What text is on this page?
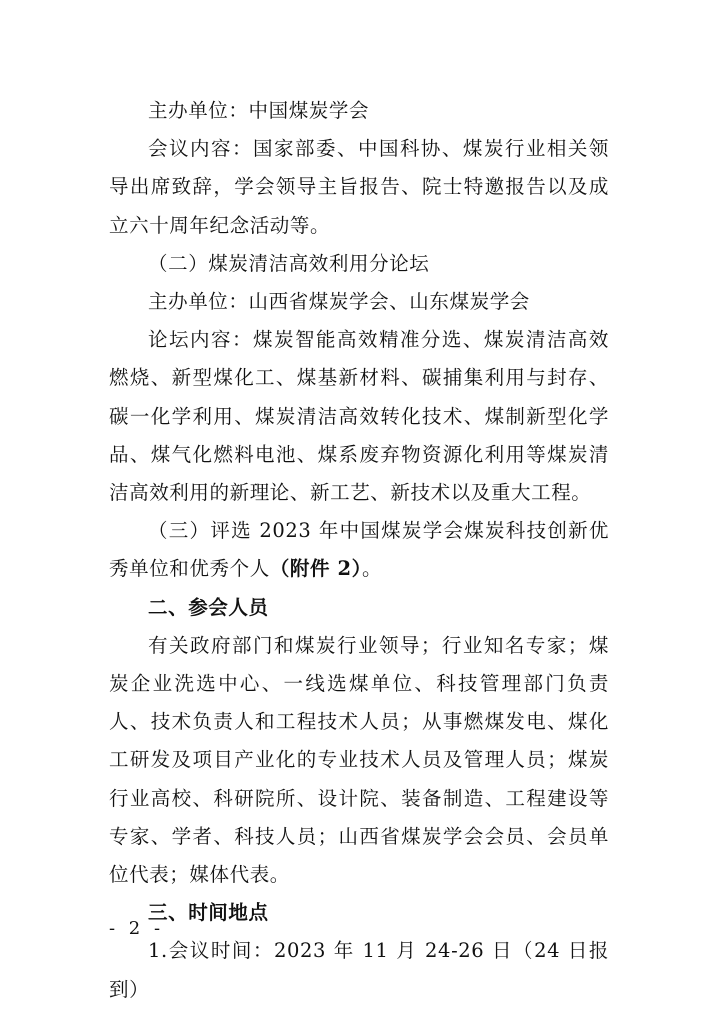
主办单位：中国煤炭学会

会议内容：国家部委、中国科协、煤炭行业相关领导出席致辞，学会领导主旨报告、院士特邀报告以及成立六十周年纪念活动等。

（二）煤炭清洁高效利用分论坛

主办单位：山西省煤炭学会、山东煤炭学会

论坛内容：煤炭智能高效精准分选、煤炭清洁高效燃烧、新型煤化工、煤基新材料、碳捕集利用与封存、碳一化学利用、煤炭清洁高效转化技术、煤制新型化学品、煤气化燃料电池、煤系废弃物资源化利用等煤炭清洁高效利用的新理论、新工艺、新技术以及重大工程。

（三）评选 2023 年中国煤炭学会煤炭科技创新优秀单位和优秀个人（附件 2）。

二、参会人员

有关政府部门和煤炭行业领导；行业知名专家；煤炭企业洗选中心、一线选煤单位、科技管理部门负责人、技术负责人和工程技术人员；从事燃煤发电、煤化工研发及项目产业化的专业技术人员及管理人员；煤炭行业高校、科研院所、设计院、装备制造、工程建设等专家、学者、科技人员；山西省煤炭学会会员、会员单位代表；媒体代表。

三、时间地点

1.会议时间：2023 年 11 月 24-26 日（24 日报到）

- 2 -
